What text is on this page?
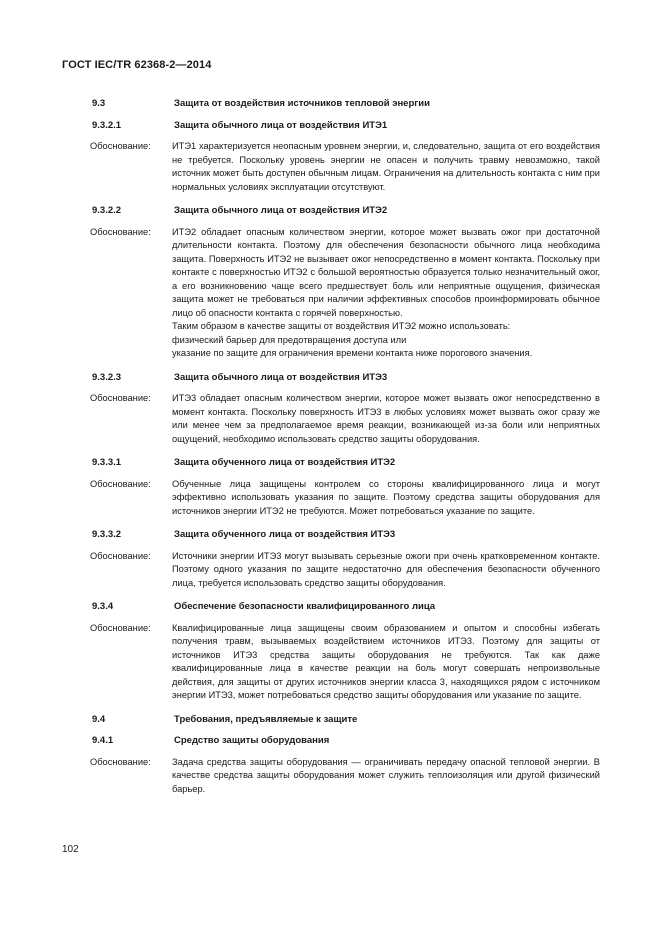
ГОСТ IEC/TR 62368-2—2014
9.3	Защита от воздействия источников тепловой энергии
9.3.2.1	Защита обычного лица от воздействия ИТЭ1
Обоснование:	ИТЭ1 характеризуется неопасным уровнем энергии, и, следовательно, защита от его воздействия не требуется. Поскольку уровень энергии не опасен и получить травму невозможно, такой источник может быть доступен обычным лицам. Ограничения на длительность контакта с ним при нормальных условиях эксплуатации отсутствуют.

9.3.2.2	Защита обычного лица от воздействия ИТЭ2
Обоснование:	ИТЭ2 обладает опасным количеством энергии, которое может вызвать ожог при достаточной длительности контакта. Поэтому для обеспечения безопасности обычного лица необходима защита. Поверхность ИТЭ2 не вызывает ожог непосредственно в момент контакта. Поскольку при контакте с поверхностью ИТЭ2 с большой вероятностью образуется только незначительный ожог, а его возникновению чаще всего предшествует боль или неприятные ощущения, физическая защита может не требоваться при наличии эффективных способов проинформировать обычное лицо об опасности контакта с горячей поверхностью.

Таким образом в качестве защиты от воздействия ИТЭ2 можно использовать:

физический барьер для предотвращения доступа или

указание по защите для ограничения времени контакта ниже порогового значения.

9.3.2.3	Защита обычного лица от воздействия ИТЭ3
Обоснование:	ИТЭ3 обладает опасным количеством энергии, которое может вызвать ожог непосредственно в момент контакта. Поскольку поверхность ИТЭ3 в любых условиях может вызвать ожог сразу же или менее чем за предполагаемое время реакции, возникающей из-за боли или неприятных ощущений, необходимо использовать средство защиты оборудования.

9.3.3.1	Защита обученного лица от воздействия ИТЭ2
Обоснование:	Обученные лица защищены контролем со стороны квалифицированного лица и могут эффективно использовать указания по защите. Поэтому средства защиты оборудования для источников энергии ИТЭ2 не требуются. Может потребоваться указание по защите.

9.3.3.2	Защита обученного лица от воздействия ИТЭ3
Обоснование:	Источники энергии ИТЭ3 могут вызывать серьезные ожоги при очень кратковременном контакте. Поэтому одного указания по защите недостаточно для обеспечения безопасности обученного лица, требуется использовать средство защиты оборудования.

9.3.4	Обеспечение безопасности квалифицированного лица
Обоснование:	Квалифицированные лица защищены своим образованием и опытом и способны избегать получения травм, вызываемых воздействием источников ИТЭ3. Поэтому для защиты от источников ИТЭ3 средства защиты оборудования не требуются. Так как даже квалифицированные лица в качестве реакции на боль могут совершать непроизвольные действия, для защиты от других источников энергии класса 3, находящихся рядом с источником энергии ИТЭ3, может потребоваться средство защиты оборудования или указание по защите.

9.4	Требования, предъявляемые к защите
9.4.1	Средство защиты оборудования
Обоснование:	Задача средства защиты оборудования — ограничивать передачу опасной тепловой энергии. В качестве средства защиты оборудования может служить теплоизоляция или другой физический барьер.

102
